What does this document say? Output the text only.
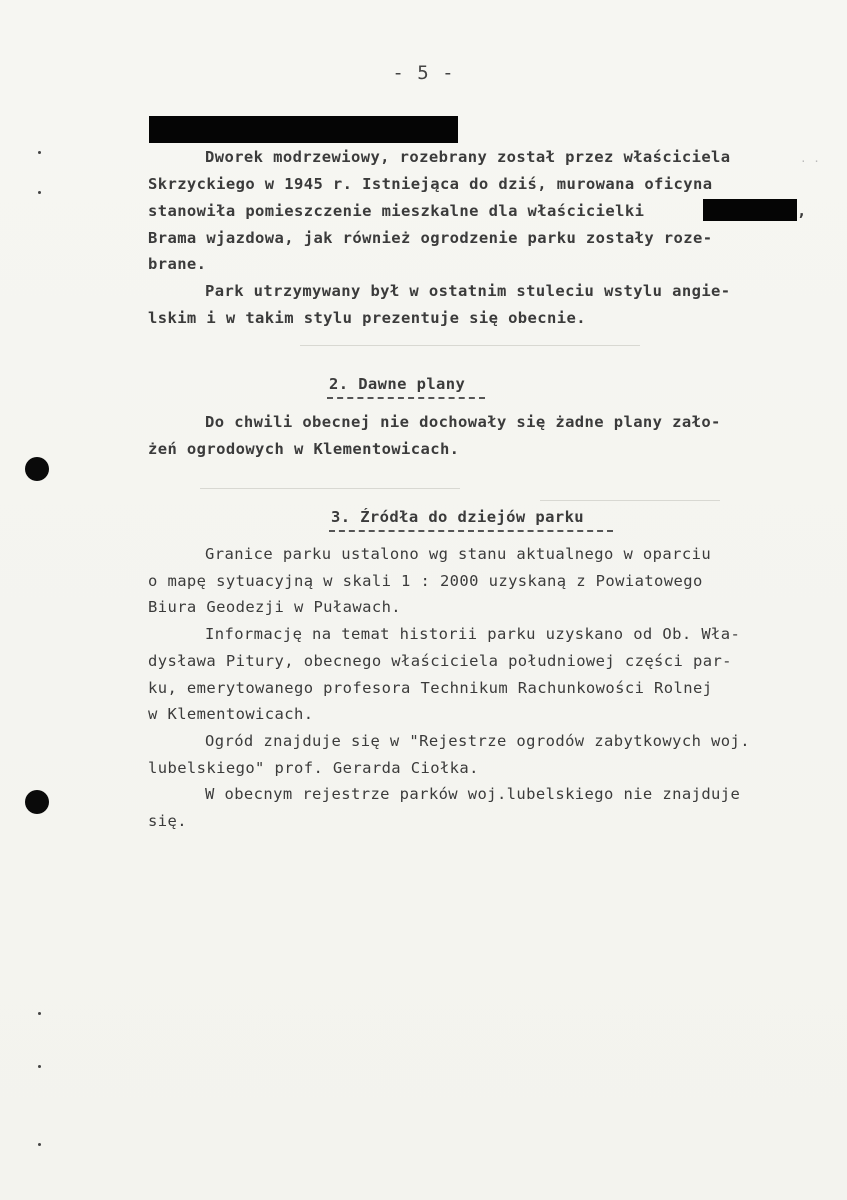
- 5 -
. .
Dworek modrzewiowy, rozebrany został przez właściciela
Skrzyckiego w 1945 r. Istniejąca do dziś, murowana oficyna
stanowiła pomieszczenie mieszkalne dla właścicielki	,
Brama wjazdowa, jak również ogrodzenie parku zostały roze-
brane.
Park utrzymywany był w ostatnim stuleciu wstylu angie-
lskim i w takim stylu prezentuje się obecnie.
2. Dawne plany
Do chwili obecnej nie dochowały się żadne plany zało-
żeń ogrodowych w Klementowicach.
3. Źródła do dziejów parku
Granice parku ustalono wg stanu aktualnego w oparciu
o mapę sytuacyjną w skali 1 : 2000 uzyskaną z Powiatowego
Biura Geodezji w Puławach.
Informację na temat historii parku uzyskano od Ob. Wła-
dysława Pitury, obecnego właściciela południowej części par-
ku, emerytowanego profesora Technikum Rachunkowości Rolnej
w Klementowicach.
Ogród znajduje się w "Rejestrze ogrodów zabytkowych woj.
lubelskiego" prof. Gerarda Ciołka.
W obecnym rejestrze parków woj.lubelskiego nie znajduje
się.
